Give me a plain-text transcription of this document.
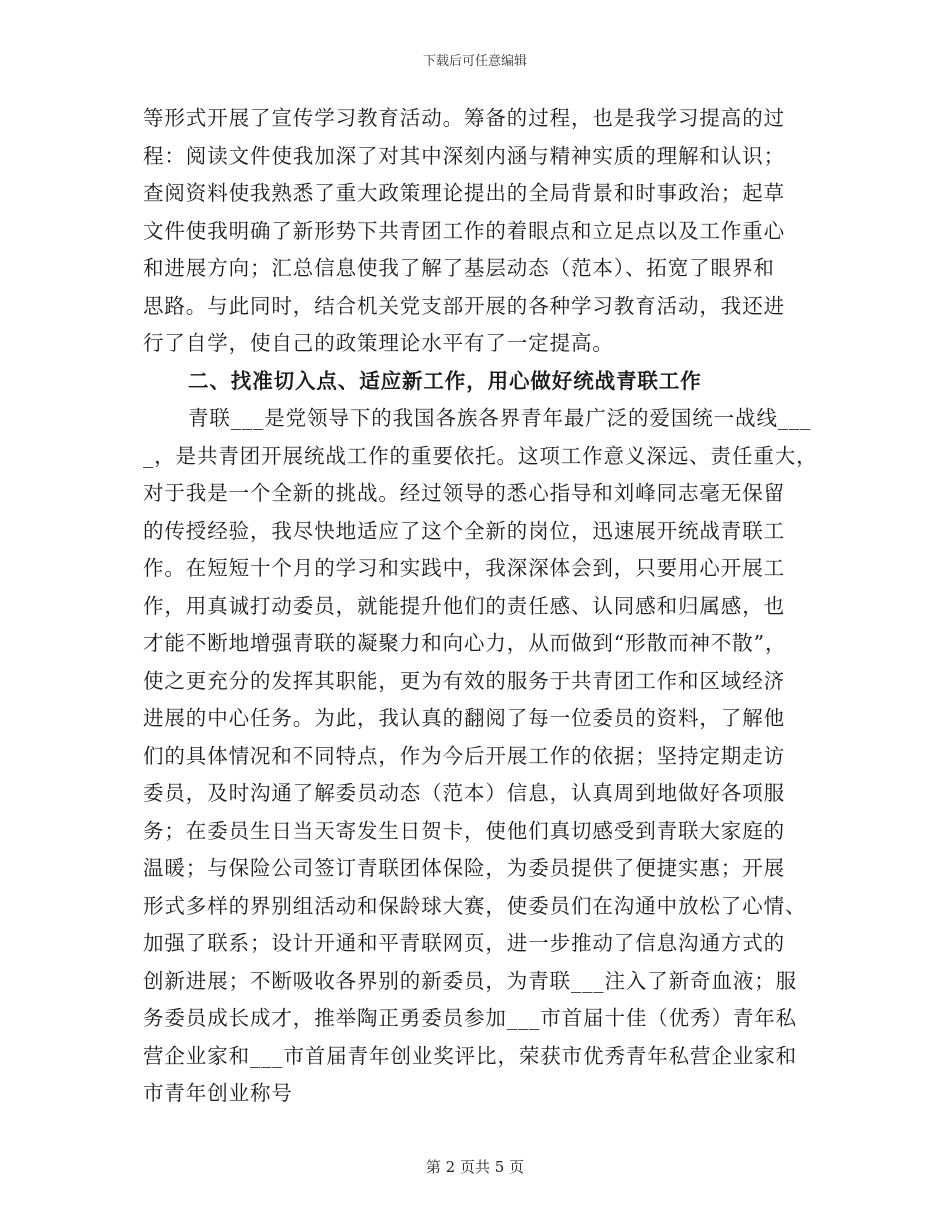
下载后可任意编辑
等形式开展了宣传学习教育活动。筹备的过程，也是我学习提高的过
程：阅读文件使我加深了对其中深刻内涵与精神实质的理解和认识；
查阅资料使我熟悉了重大政策理论提出的全局背景和时事政治；起草
文件使我明确了新形势下共青团工作的着眼点和立足点以及工作重心
和进展方向；汇总信息使我了解了基层动态（范本）、拓宽了眼界和
思路。与此同时，结合机关党支部开展的各种学习教育活动，我还进
行了自学，使自己的政策理论水平有了一定提高。
二、找准切入点、适应新工作，用心做好统战青联工作
青联___是党领导下的我国各族各界青年最广泛的爱国统一战线___
_，是共青团开展统战工作的重要依托。这项工作意义深远、责任重大，
对于我是一个全新的挑战。经过领导的悉心指导和刘峰同志毫无保留
的传授经验，我尽快地适应了这个全新的岗位，迅速展开统战青联工
作。在短短十个月的学习和实践中，我深深体会到，只要用心开展工
作，用真诚打动委员，就能提升他们的责任感、认同感和归属感，也
才能不断地增强青联的凝聚力和向心力，从而做到“形散而神不散”，
使之更充分的发挥其职能，更为有效的服务于共青团工作和区域经济
进展的中心任务。为此，我认真的翻阅了每一位委员的资料，了解他
们的具体情况和不同特点，作为今后开展工作的依据；坚持定期走访
委员，及时沟通了解委员动态（范本）信息，认真周到地做好各项服
务；在委员生日当天寄发生日贺卡，使他们真切感受到青联大家庭的
温暖；与保险公司签订青联团体保险，为委员提供了便捷实惠；开展
形式多样的界别组活动和保龄球大赛，使委员们在沟通中放松了心情、
加强了联系；设计开通和平青联网页，进一步推动了信息沟通方式的
创新进展；不断吸收各界别的新委员，为青联___注入了新奇血液；服
务委员成长成才，推举陶正勇委员参加___市首届十佳（优秀）青年私
营企业家和___市首届青年创业奖评比，荣获市优秀青年私营企业家和
市青年创业称号
第 2 页共 5 页
